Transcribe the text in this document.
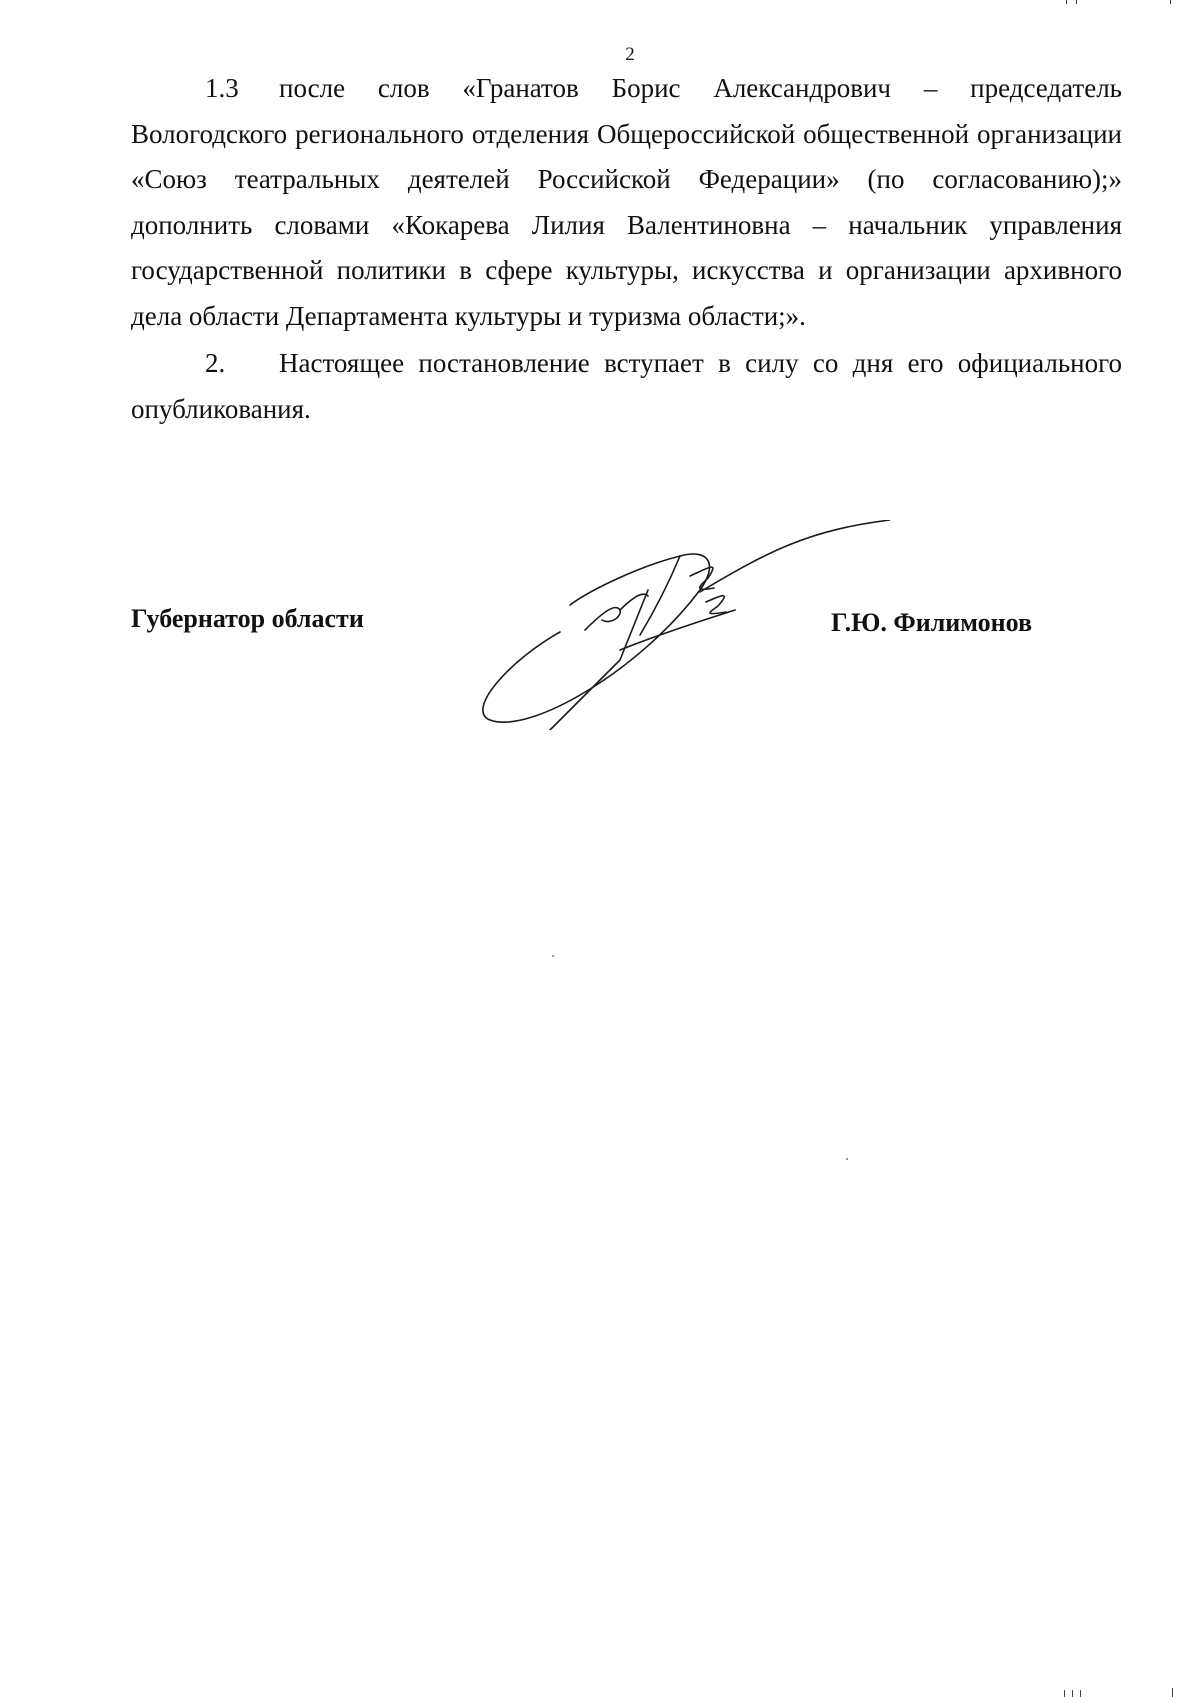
2

1.3 после слов «Гранатов Борис Александрович – председатель Вологодского регионального отделения Общероссийской общественной организации «Союз театральных деятелей Российской Федерации» (по согласованию);» дополнить словами «Кокарева Лилия Валентиновна – начальник управления государственной политики в сфере культуры, искусства и организации архивного дела области Департамента культуры и туризма области;».

2. Настоящее постановление вступает в силу со дня его официального опубликования.

Губернатор области	Г.Ю. Филимонов
